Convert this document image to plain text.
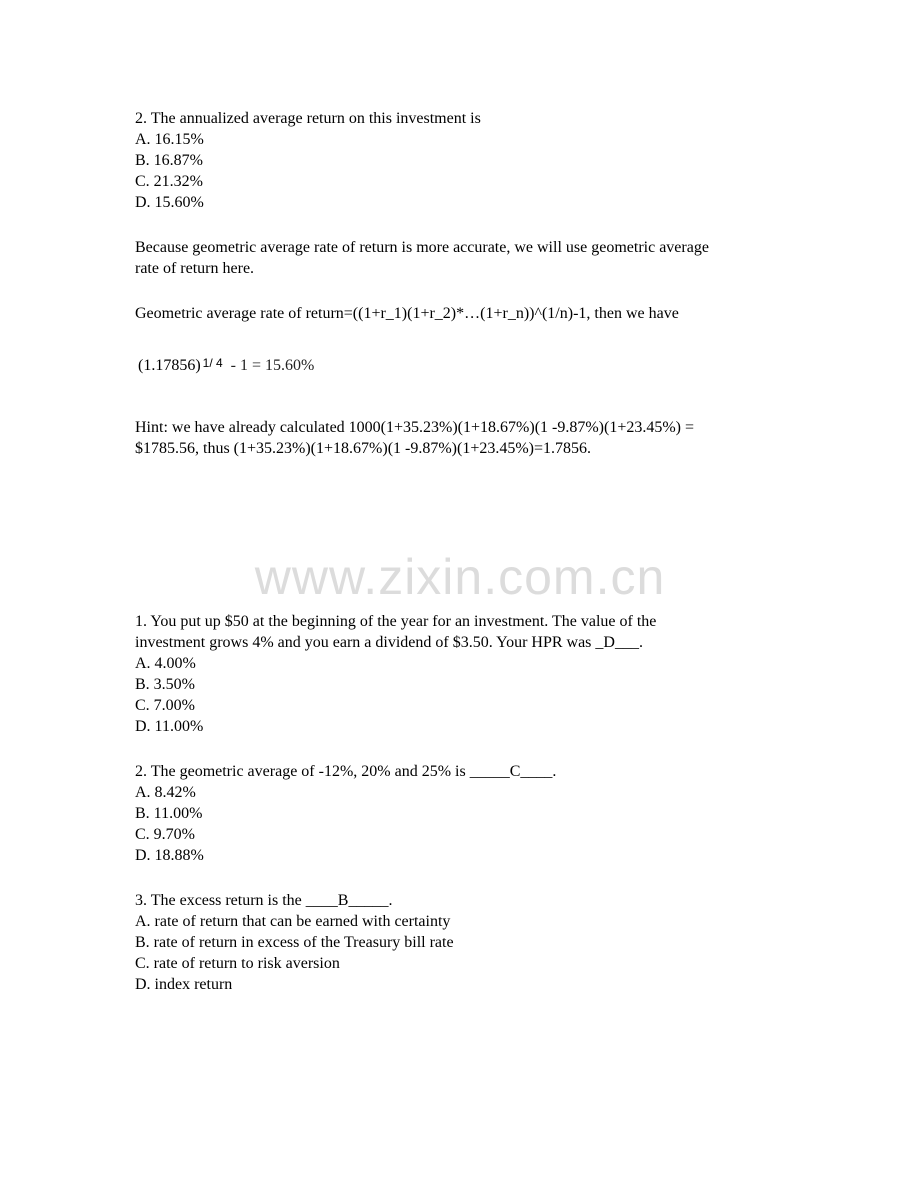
2. The annualized average return on this investment is
A. 16.15%
B. 16.87%
C. 21.32%
D. 15.60%
Because geometric average rate of return is more accurate, we will use geometric average
rate of return here.
Geometric average rate of return=((1+r_1)(1+r_2)*…(1+r_n))^(1/n)-1, then we have
Hint: we have already calculated 1000(1+35.23%)(1+18.67%)(1 -9.87%)(1+23.45%) =
$1785.56, thus (1+35.23%)(1+18.67%)(1 -9.87%)(1+23.45%)=1.7856.
(1.17856) $^{1/ 4}$ - 1 = 15.60%
www.zixin.com.cn
1. You put up $50 at the beginning of the year for an investment. The value of the
investment grows 4% and you earn a dividend of $3.50. Your HPR was _D___.
A. 4.00%
B. 3.50%
C. 7.00%
D. 11.00%
2. The geometric average of -12%, 20% and 25% is _____C____.
A. 8.42%
B. 11.00%
C. 9.70%
D. 18.88%
3. The excess return is the ____B_____.
A. rate of return that can be earned with certainty
B. rate of return in excess of the Treasury bill rate
C. rate of return to risk aversion
D. index return
